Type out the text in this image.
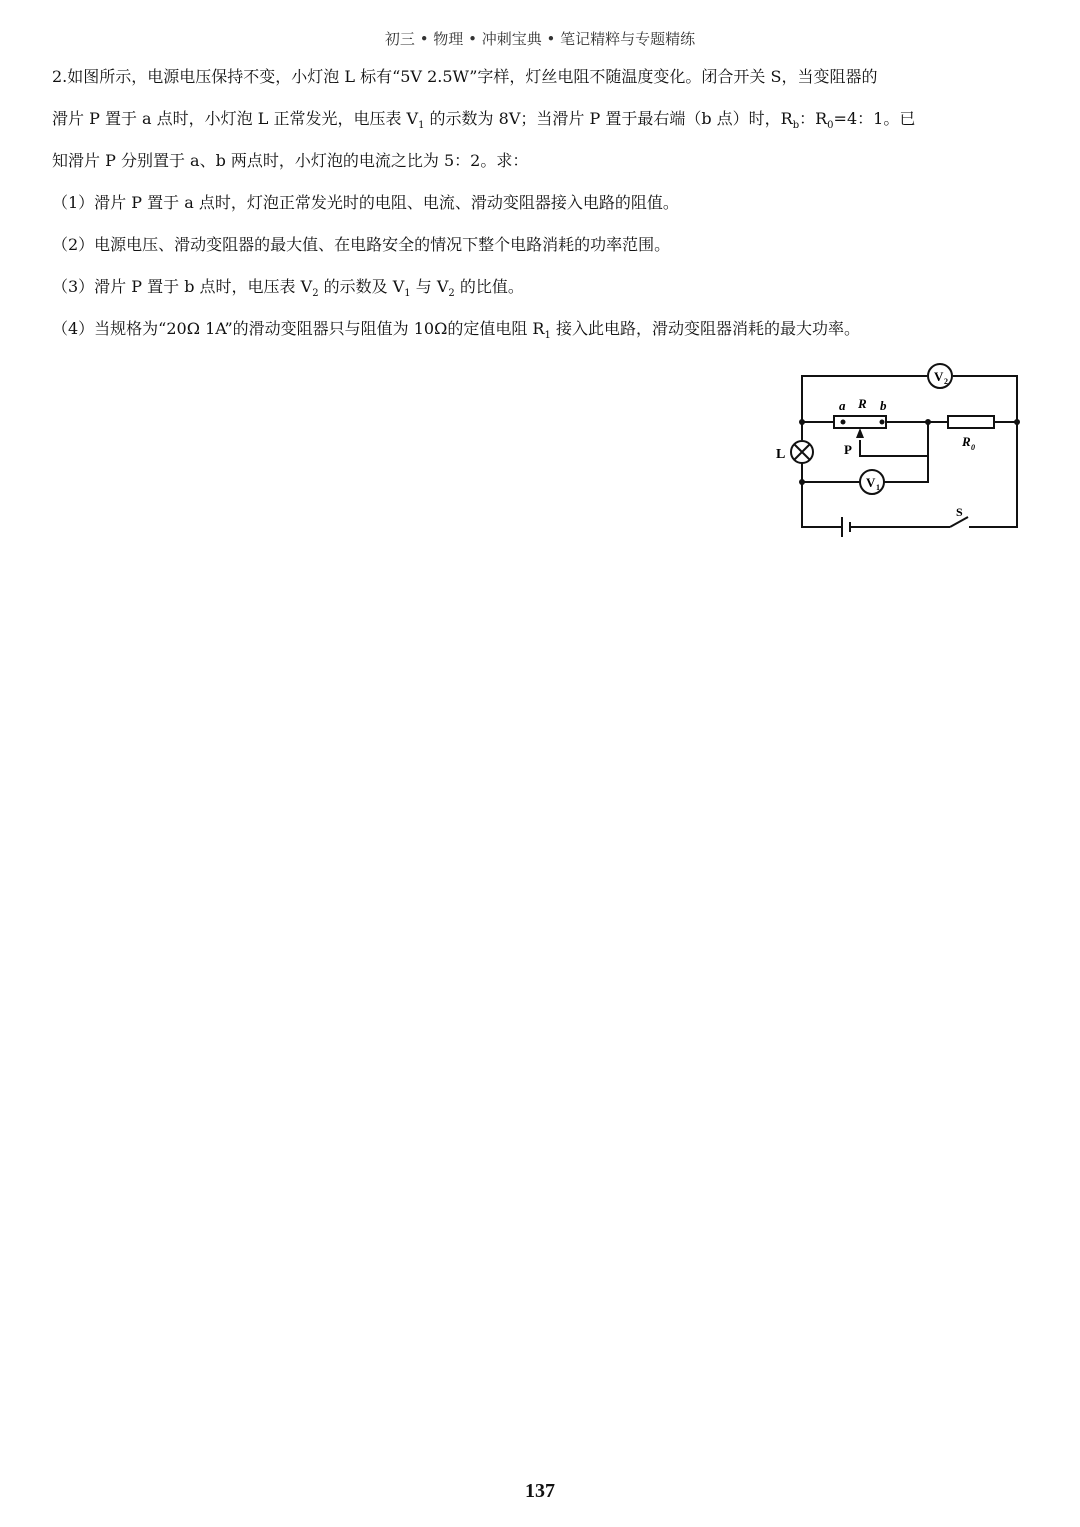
初三 • 物理 • 冲刺宝典 • 笔记精粹与专题精练

2.如图所示，电源电压保持不变，小灯泡 L 标有“5V 2.5W”字样，灯丝电阻不随温度变化。闭合开关 S，当变阻器的

滑片 P 置于 a 点时，小灯泡 L 正常发光，电压表 $V_1$ 的示数为 8V；当滑片 P 置于最右端（b 点）时，$R_b$：$R_0=4$：1。已

知滑片 P 分别置于 a、b 两点时，小灯泡的电流之比为 5：2。求：

（1）滑片 P 置于 a 点时，灯泡正常发光时的电阻、电流、滑动变阻器接入电路的阻值。

（2）电源电压、滑动变阻器的最大值、在电路安全的情况下整个电路消耗的功率范围。

（3）滑片 P 置于 b 点时，电压表 $V_2$ 的示数及 $V_1$ 与 $V_2$ 的比值。

（4）当规格为“20Ω 1A”的滑动变阻器只与阻值为 10Ω的定值电阻 $R_1$ 接入此电路，滑动变阻器消耗的最大功率。

V 2
V 1
a R b
P
L
R 0
S
137
